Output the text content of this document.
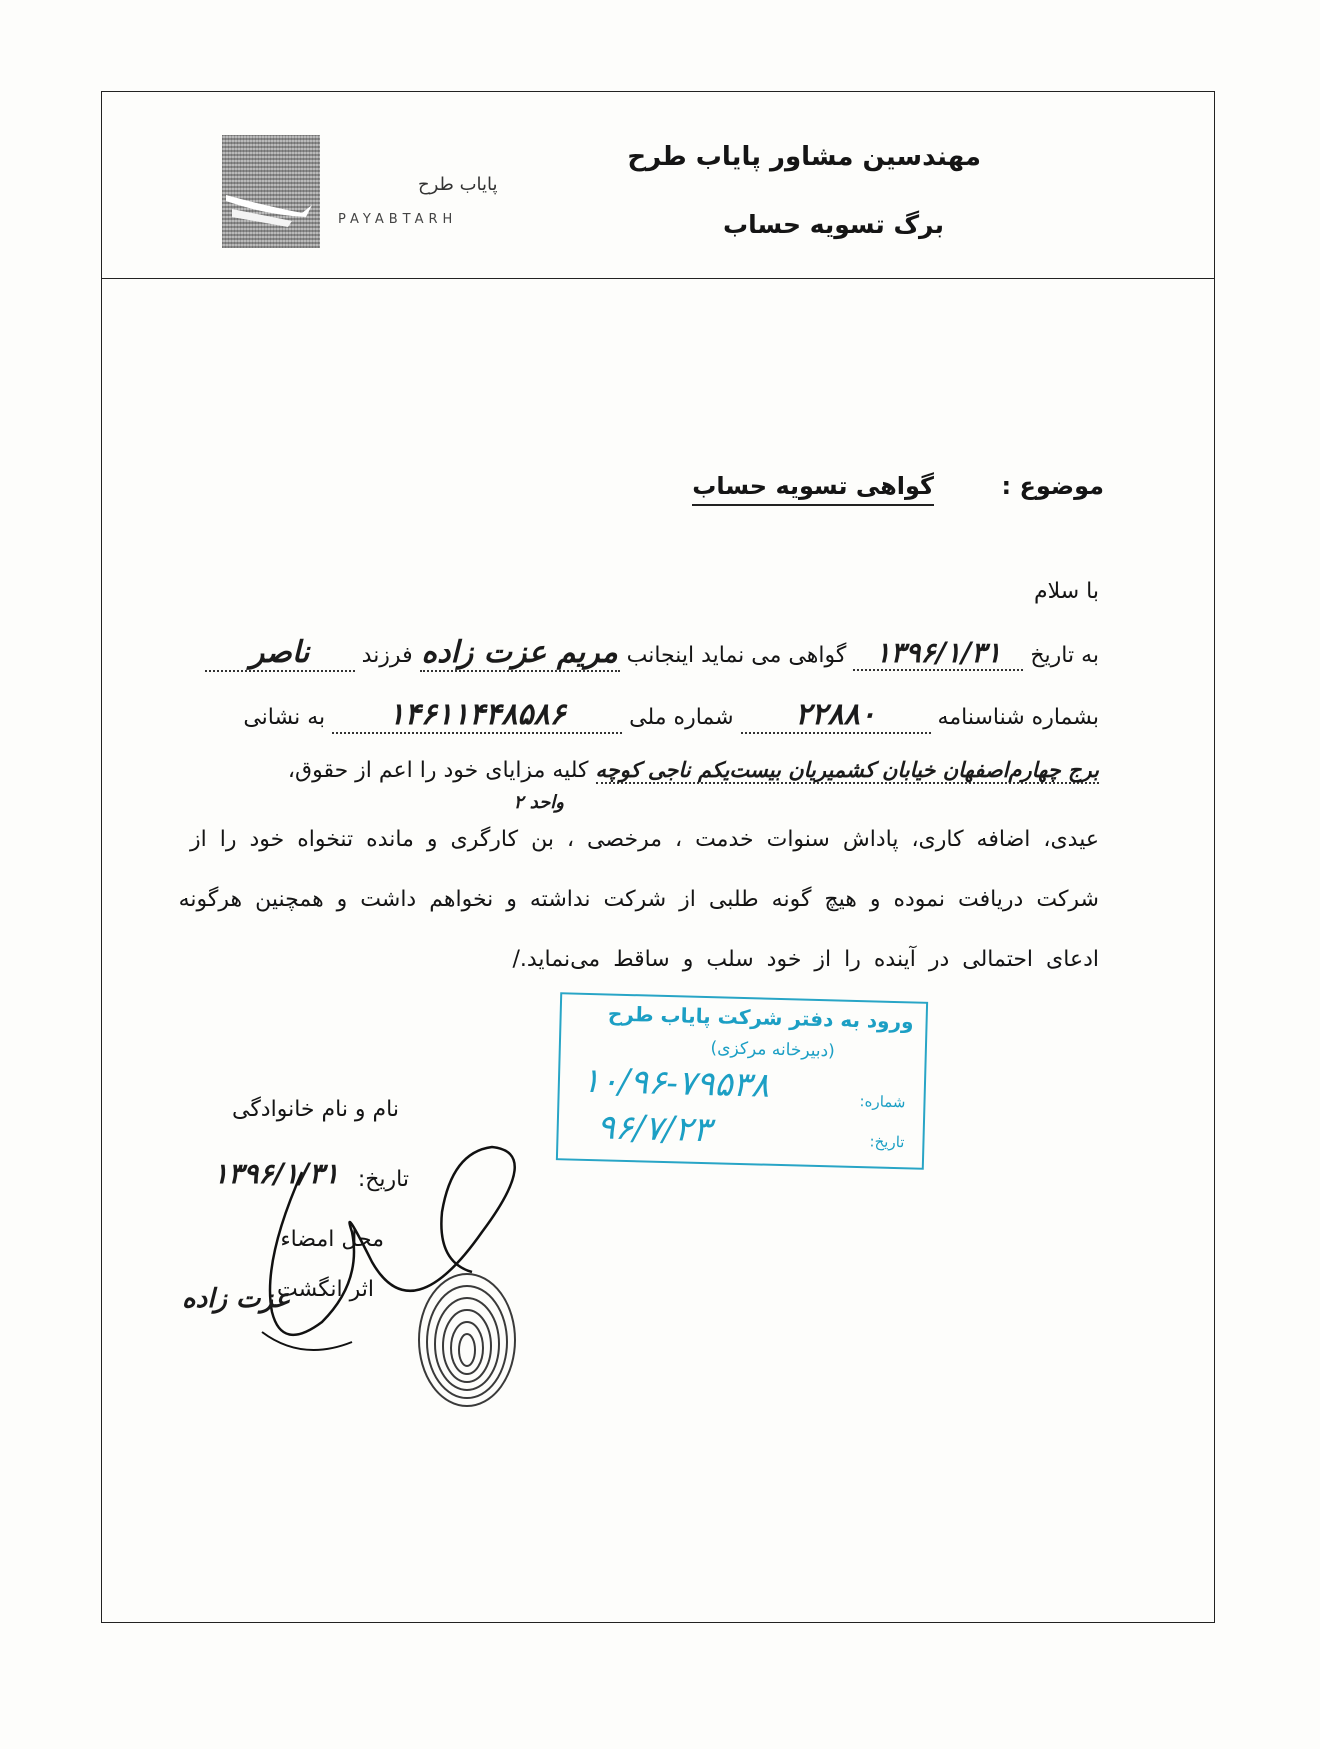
مهندسین مشاور پایاب طرح
برگ تسویه حساب
پایاب طرح
PAYABTARH
موضوع :
گواهی تسویه حساب
با سلام
به تاریخ ۱۳۹۶/۱/۳۱ گواهی می نماید اینجانب مریم عزت زاده فرزند ناصر
بشماره شناسنامه ۲۲۸۸۰ شماره ملی ۱۴۶۱۱۴۴۸۵۸۶ به نشانی
برج چهارم‌اصفهان خیابان کشمیریان بیست‌یکم ناجی کوچه کلیه مزایای خود را اعم از حقوق،
واحد ۲
عیدی، اضافه کاری، پاداش سنوات خدمت ، مرخصی ، بن کارگری و مانده تنخواه خود را از
شرکت دریافت نموده و هیچ گونه طلبی از شرکت نداشته و نخواهم داشت و همچنین هرگونه
ادعای احتمالی در آینده را از خود سلب و ساقط می‌نماید./
نام و نام خانوادگی
تاریخ:
۱۳۹۶/۱/۳۱
محل امضاء
اثر انگشت
عزت زاده
ورود به دفتر شرکت پایاب طرح
(دبیرخانه مرکزی)
شماره:
۱۰/۹۶-۷۹۵۳۸
تاریخ:
۹۶/۷/۲۳
